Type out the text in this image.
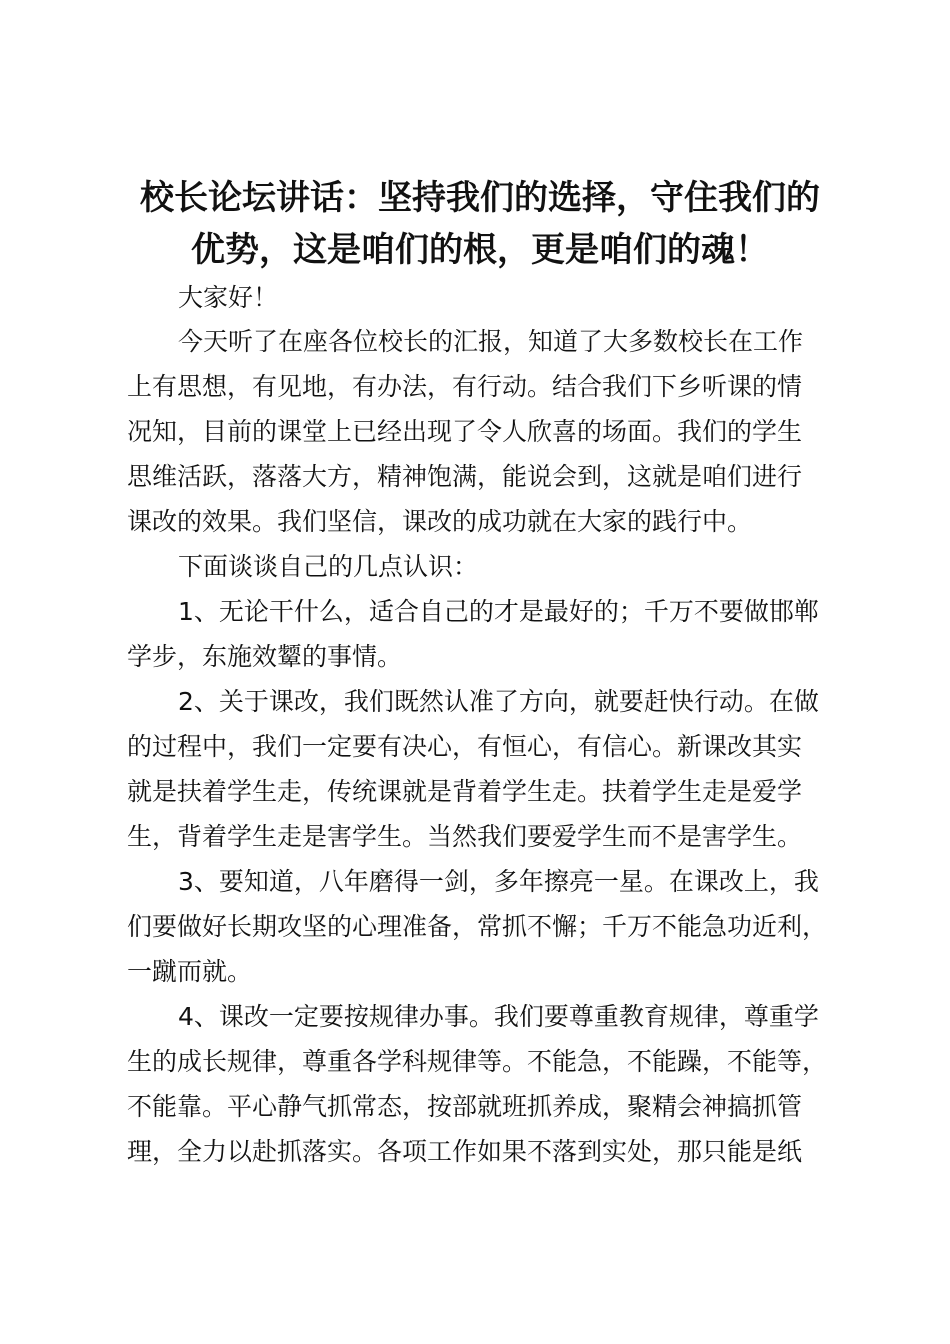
校长论坛讲话：坚持我们的选择，守住我们的
优势，这是咱们的根，更是咱们的魂！
大家好！
今天听了在座各位校长的汇报，知道了大多数校长在工作
上有思想，有见地，有办法，有行动。结合我们下乡听课的情
况知，目前的课堂上已经出现了令人欣喜的场面。我们的学生
思维活跃，落落大方，精神饱满，能说会到，这就是咱们进行
课改的效果。我们坚信，课改的成功就在大家的践行中。
下面谈谈自己的几点认识：
1、无论干什么，适合自己的才是最好的；千万不要做邯郸
学步，东施效颦的事情。
2、关于课改，我们既然认准了方向，就要赶快行动。在做
的过程中，我们一定要有决心，有恒心，有信心。新课改其实
就是扶着学生走，传统课就是背着学生走。扶着学生走是爱学
生，背着学生走是害学生。当然我们要爱学生而不是害学生。
3、要知道，八年磨得一剑，多年擦亮一星。在课改上，我
们要做好长期攻坚的心理准备，常抓不懈；千万不能急功近利，
一蹴而就。
4、课改一定要按规律办事。我们要尊重教育规律，尊重学
生的成长规律，尊重各学科规律等。不能急，不能躁，不能等，
不能靠。平心静气抓常态，按部就班抓养成，聚精会神搞抓管
理，全力以赴抓落实。各项工作如果不落到实处，那只能是纸
